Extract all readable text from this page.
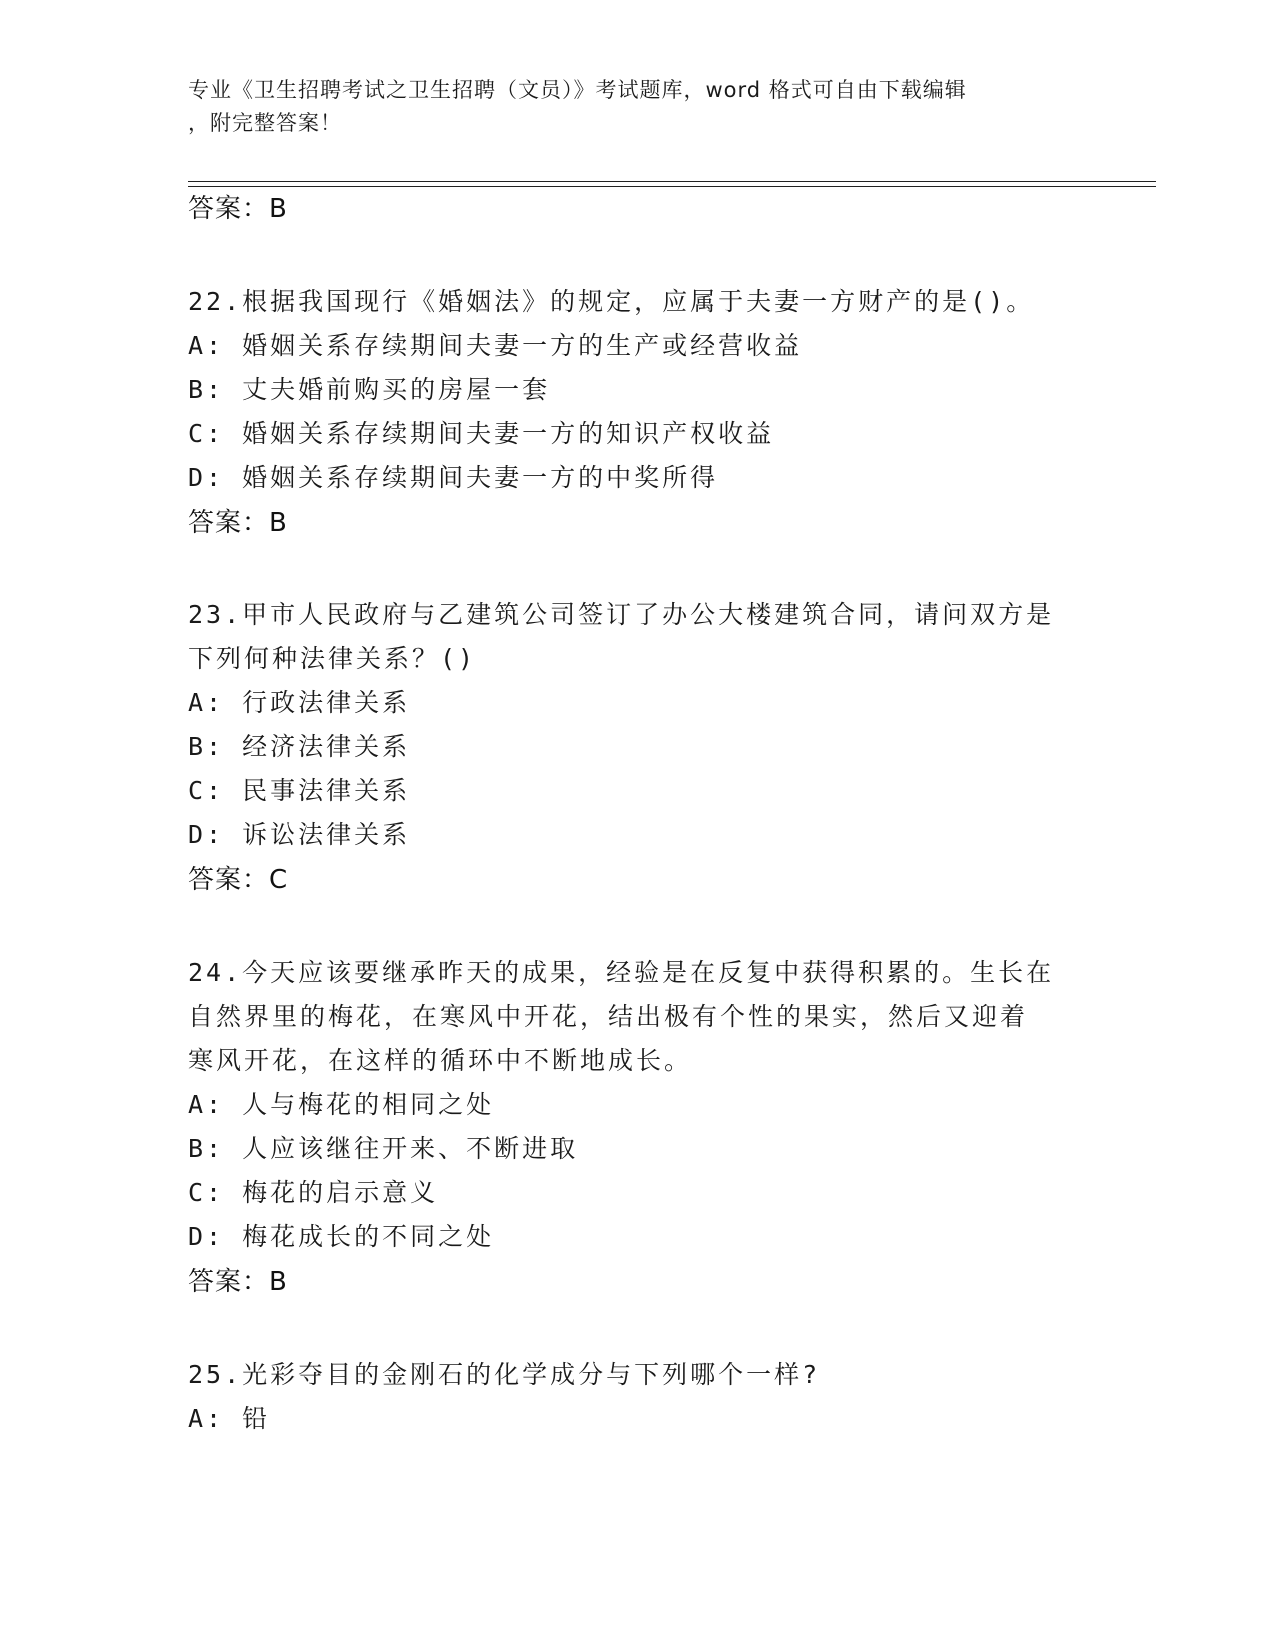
专业《卫生招聘考试之卫生招聘（文员）》考试题库，word 格式可自由下载编辑
，附完整答案！
答案：B
22.根据我国现行《婚姻法》的规定，应属于夫妻一方财产的是()。
A: 婚姻关系存续期间夫妻一方的生产或经营收益
B: 丈夫婚前购买的房屋一套
C: 婚姻关系存续期间夫妻一方的知识产权收益
D: 婚姻关系存续期间夫妻一方的中奖所得
答案：B
23.甲市人民政府与乙建筑公司签订了办公大楼建筑合同，请问双方是
下列何种法律关系？()
A: 行政法律关系
B: 经济法律关系
C: 民事法律关系
D: 诉讼法律关系
答案：C
24.今天应该要继承昨天的成果，经验是在反复中获得积累的。生长在
自然界里的梅花，在寒风中开花，结出极有个性的果实，然后又迎着
寒风开花，在这样的循环中不断地成长。
A: 人与梅花的相同之处
B: 人应该继往开来、不断进取
C: 梅花的启示意义
D: 梅花成长的不同之处
答案：B
25.光彩夺目的金刚石的化学成分与下列哪个一样?
A: 铅
